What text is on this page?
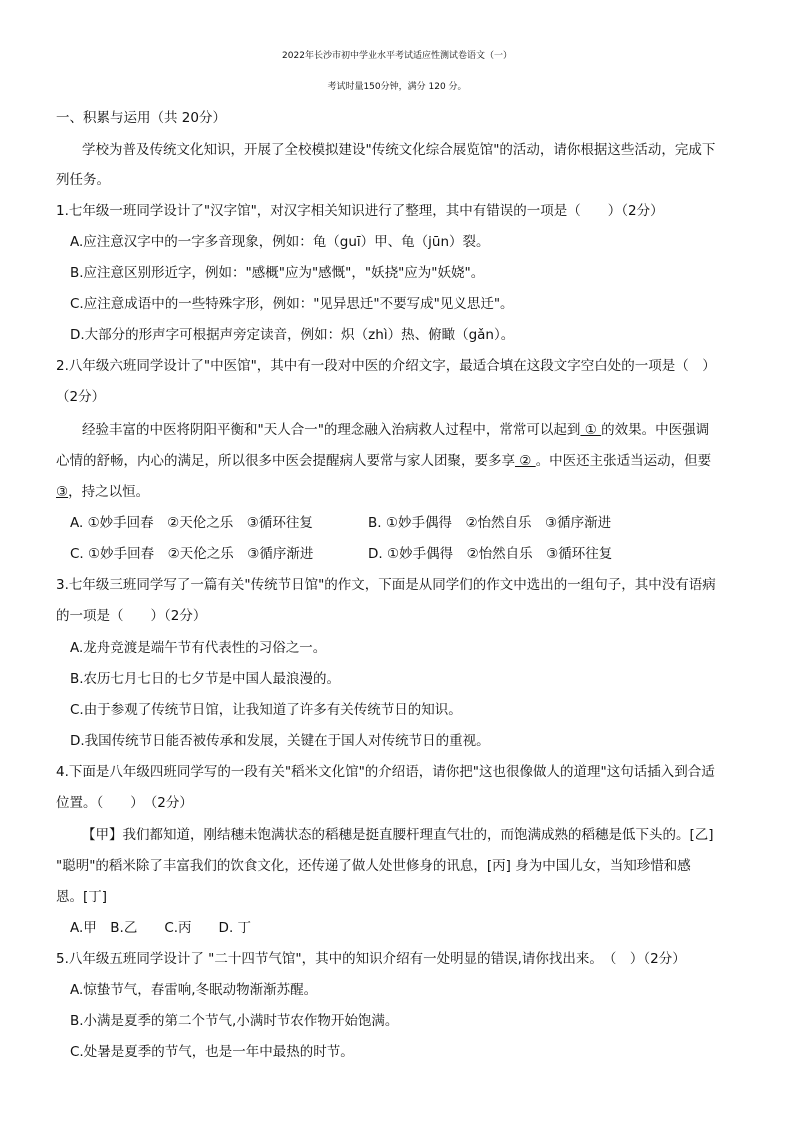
2022年长沙市初中学业水平考试适应性测试卷语文（一）
考试时量150分钟，满分 120 分。
一、积累与运用（共 20分）
学校为普及传统文化知识，开展了全校模拟建设"传统文化综合展览馆"的活动，请你根据这些活动，完成下
列任务。
1.七年级一班同学设计了"汉字馆"，对汉字相关知识进行了整理，其中有错误的一项是（　　）（2分）
A.应注意汉字中的一字多音现象，例如：龟（guī）甲、龟（jūn）裂。
B.应注意区别形近字，例如："感概"应为"感慨"，"妖挠"应为"妖娆"。
C.应注意成语中的一些特殊字形，例如："见异思迁"不要写成"见义思迁"。
D.大部分的形声字可根据声旁定读音，例如：炽（zhì）热、俯瞰（gǎn）。
2.八年级六班同学设计了"中医馆"，其中有一段对中医的介绍文字，最适合填在这段文字空白处的一项是（　）
（2分）
经验丰富的中医将阴阳平衡和"天人合一"的理念融入治病救人过程中，常常可以起到 ① 的效果。中医强调
心情的舒畅，内心的满足，所以很多中医会提醒病人要常与家人团聚，要多享 ② 。中医还主张适当运动，但要
③，持之以恒。
A. ①妙手回春　②天伦之乐　③循环往复	B. ①妙手偶得　②怡然自乐　③循序渐进
C. ①妙手回春　②天伦之乐　③循序渐进	D. ①妙手偶得　②怡然自乐　③循环往复
3.七年级三班同学写了一篇有关"传统节日馆"的作文，下面是从同学们的作文中选出的一组句子，其中没有语病
的一项是（　　）（2分）
A.龙舟竞渡是端午节有代表性的习俗之一。
B.农历七月七日的七夕节是中国人最浪漫的。
C.由于参观了传统节日馆，让我知道了许多有关传统节日的知识。
D.我国传统节日能否被传承和发展，关键在于国人对传统节日的重视。
4.下面是八年级四班同学写的一段有关"稻米文化馆"的介绍语，请你把"这也很像做人的道理"这句话插入到合适
位置。（　　）　（2分）
【甲】我们都知道，刚结穗未饱满状态的稻穗是挺直腰杆理直气壮的，而饱满成熟的稻穗是低下头的。[乙]
"聪明"的稻米除了丰富我们的饮食文化，还传递了做人处世修身的讯息，[丙] 身为中国儿女，当知珍惜和感
恩。[丁]
A.甲　B.乙　　C.丙　　D. 丁
5.八年级五班同学设计了 "二十四节气馆"，其中的知识介绍有一处明显的错误,请你找出来。　（　）（2分）
A.惊蛰节气，春雷响,冬眠动物渐渐苏醒。
B.小满是夏季的第二个节气,小满时节农作物开始饱满。
C.处暑是夏季的节气，也是一年中最热的时节。
